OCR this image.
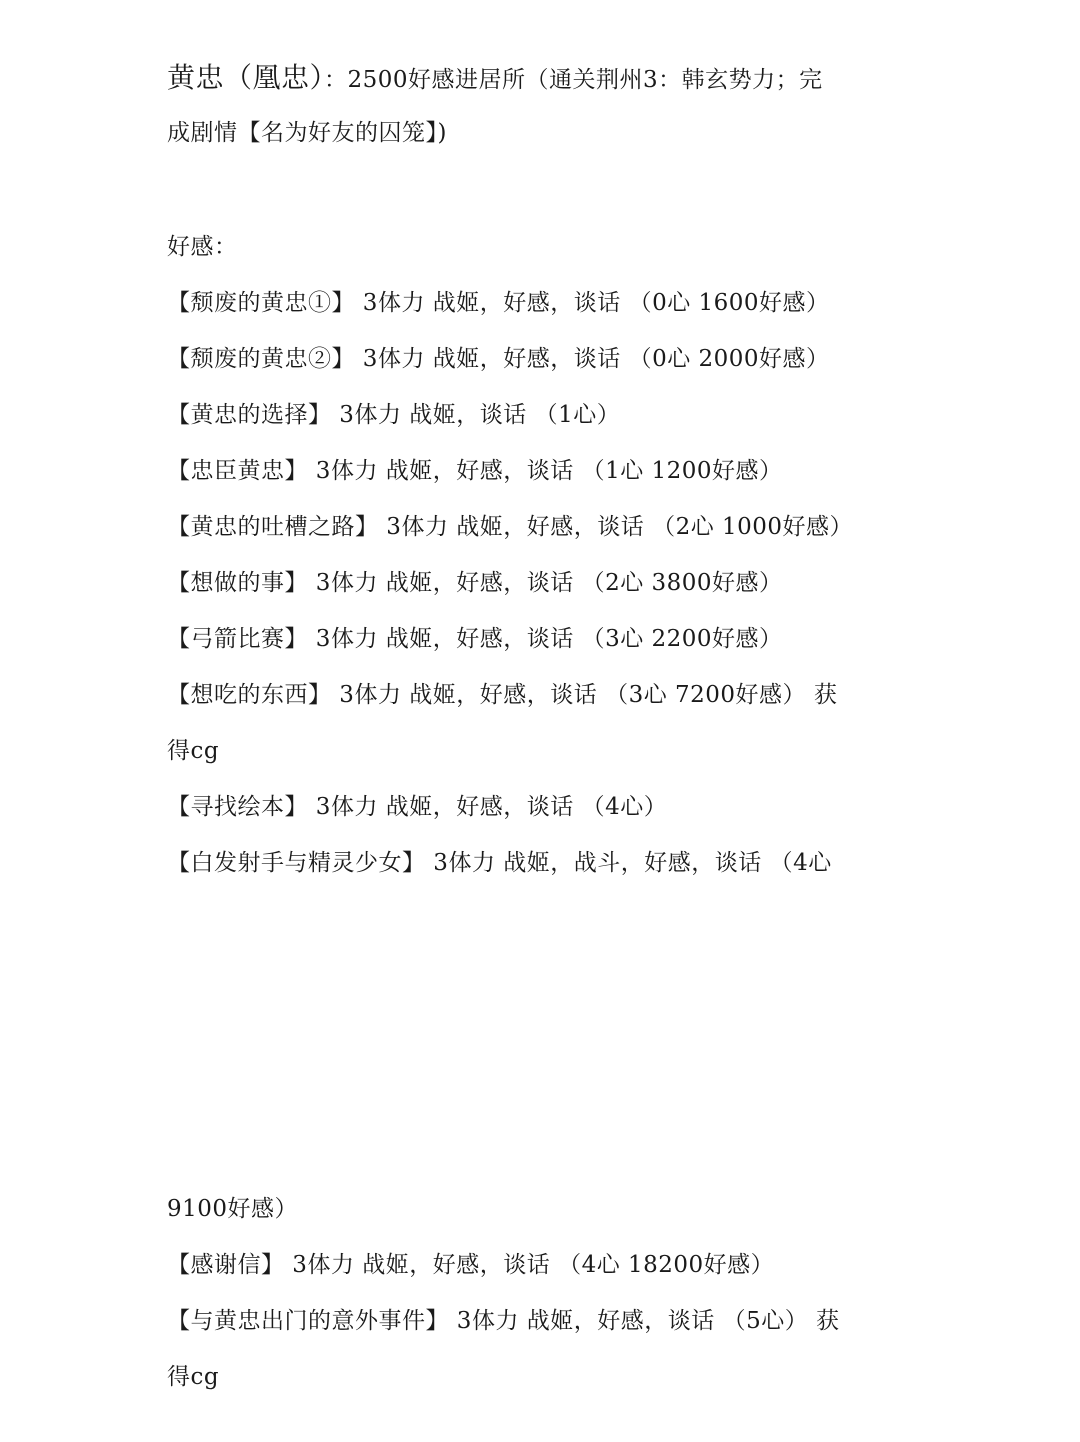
黄忠（凰忠）：2500好感进居所（通关荆州3：韩玄势力；完
成剧情【名为好友的囚笼】)
好感：
【颓废的黄忠①】 3体力 战姬，好感，谈话 （0心 1600好感）
【颓废的黄忠②】 3体力 战姬，好感，谈话 （0心 2000好感）
【黄忠的选择】 3体力 战姬，谈话 （1心）
【忠臣黄忠】 3体力 战姬，好感，谈话 （1心 1200好感）
【黄忠的吐槽之路】 3体力 战姬，好感，谈话 （2心 1000好感）
【想做的事】 3体力 战姬，好感，谈话 （2心 3800好感）
【弓箭比赛】 3体力 战姬，好感，谈话 （3心 2200好感）
【想吃的东西】 3体力 战姬，好感，谈话 （3心 7200好感） 获
得cg
【寻找绘本】 3体力 战姬，好感，谈话 （4心）
【白发射手与精灵少女】 3体力 战姬，战斗，好感，谈话 （4心
9100好感）
【感谢信】 3体力 战姬，好感，谈话 （4心 18200好感）
【与黄忠出门的意外事件】 3体力 战姬，好感，谈话 （5心） 获
得cg
